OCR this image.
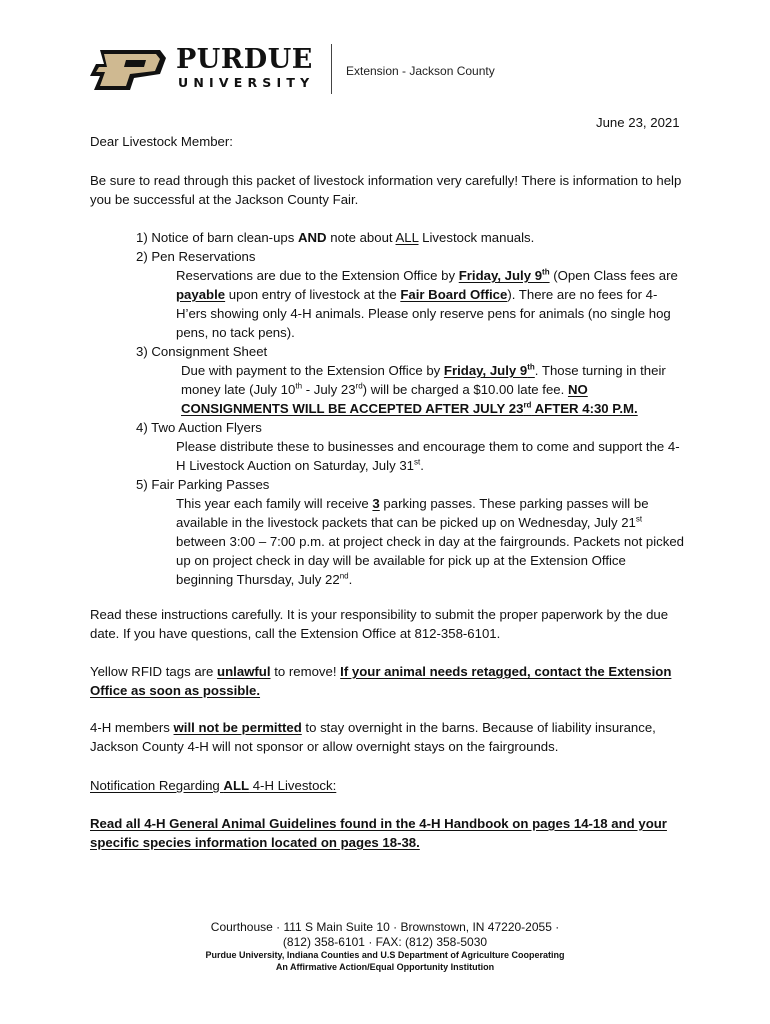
PURDUE
UNIVERSITY
Extension - Jackson County
June 23, 2021
Dear Livestock Member:
Be sure to read through this packet of livestock information very carefully! There is information to help you be successful at the Jackson County Fair.
1) Notice of barn clean-ups AND note about ALL Livestock manuals.
2) Pen Reservations
Reservations are due to the Extension Office by Friday, July 9th (Open Class fees are payable upon entry of livestock at the Fair Board Office). There are no fees for 4-H’ers showing only 4-H animals. Please only reserve pens for animals (no single hog pens, no tack pens).
3) Consignment Sheet
Due with payment to the Extension Office by Friday, July 9th. Those turning in their money late (July 10th - July 23rd) will be charged a $10.00 late fee. NO CONSIGNMENTS WILL BE ACCEPTED AFTER JULY 23rd AFTER 4:30 P.M.
4) Two Auction Flyers
Please distribute these to businesses and encourage them to come and support the 4-H Livestock Auction on Saturday, July 31st.
5) Fair Parking Passes
This year each family will receive 3 parking passes. These parking passes will be available in the livestock packets that can be picked up on Wednesday, July 21st between 3:00 – 7:00 p.m. at project check in day at the fairgrounds. Packets not picked up on project check in day will be available for pick up at the Extension Office beginning Thursday, July 22nd.
Read these instructions carefully. It is your responsibility to submit the proper paperwork by the due date. If you have questions, call the Extension Office at 812-358-6101.
Yellow RFID tags are unlawful to remove! If your animal needs retagged, contact the Extension Office as soon as possible.
4-H members will not be permitted to stay overnight in the barns. Because of liability insurance, Jackson County 4-H will not sponsor or allow overnight stays on the fairgrounds.
Notification Regarding ALL 4-H Livestock:
Read all 4-H General Animal Guidelines found in the 4-H Handbook on pages 14-18 and your specific species information located on pages 18-38.
Courthouse · 111 S Main Suite 10 · Brownstown, IN 47220-2055 ·
(812) 358-6101 · FAX: (812) 358-5030
Purdue University, Indiana Counties and U.S Department of Agriculture Cooperating
An Affirmative Action/Equal Opportunity Institution
